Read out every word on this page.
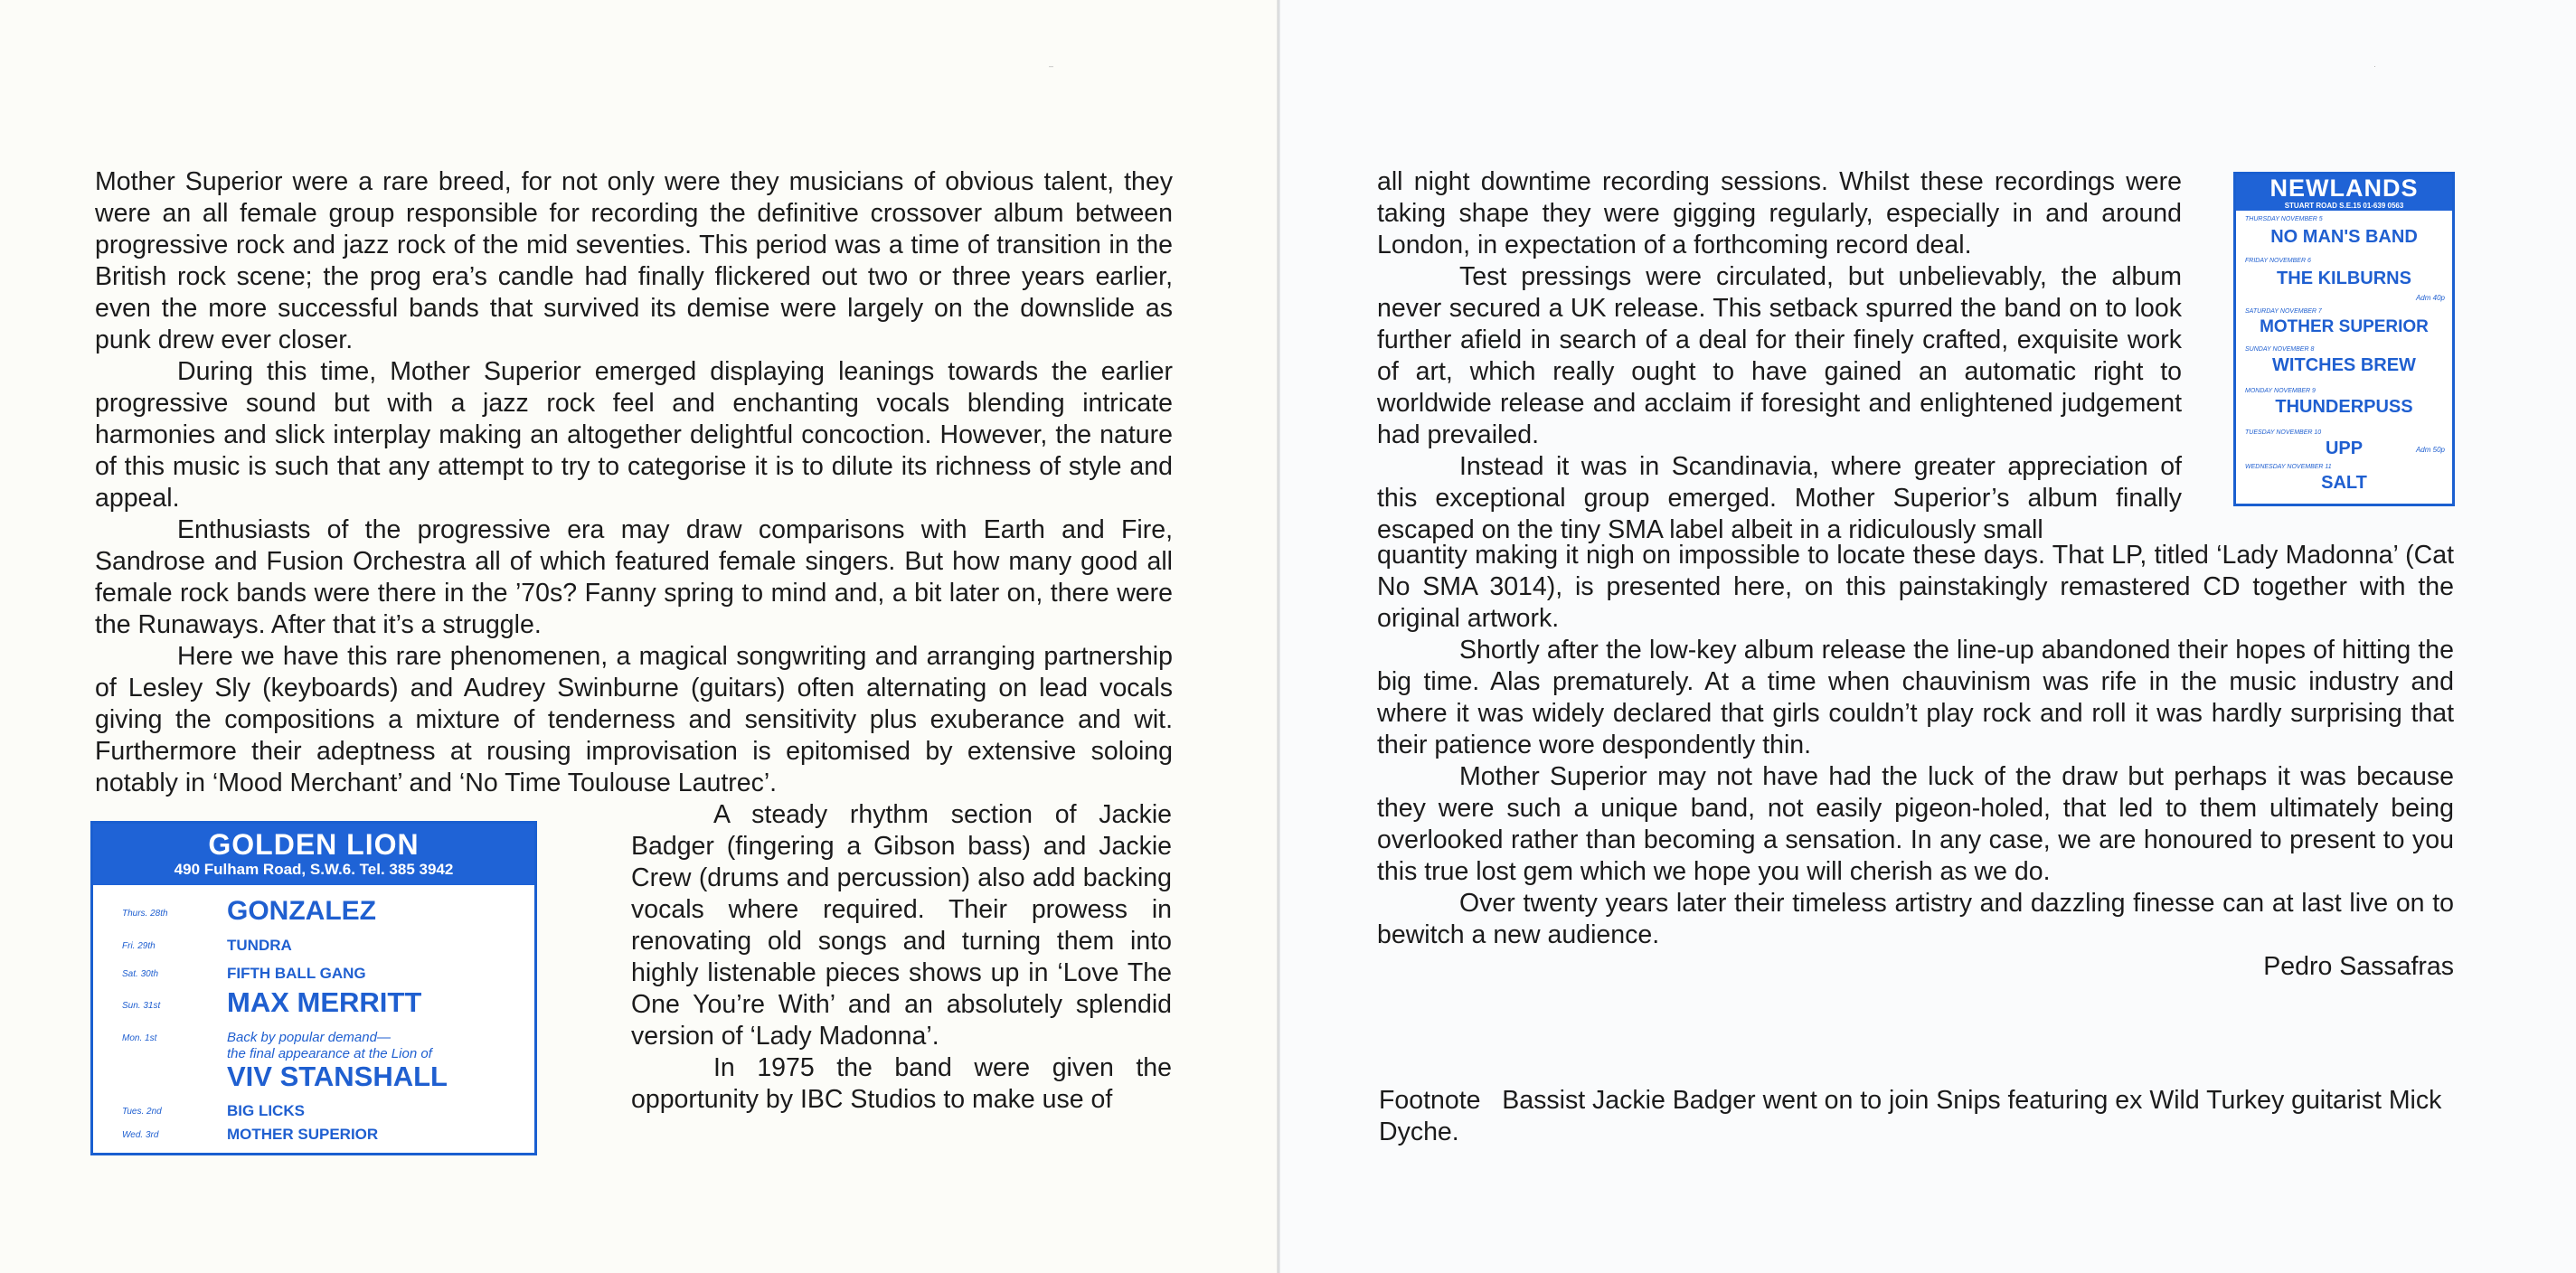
Mother Superior were a rare breed, for not only were they musicians of obvious talent, they were an all female group responsible for recording the definitive crossover album between progressive rock and jazz rock of the mid seventies. This period was a time of transition in the British rock scene; the prog era’s candle had finally flickered out two or three years earlier, even the more successful bands that survived its demise were largely on the downslide as punk drew ever closer.

During this time, Mother Superior emerged displaying leanings towards the earlier progressive sound but with a jazz rock feel and enchanting vocals blending intricate harmonies and slick interplay making an altogether delightful concoction. However, the nature of this music is such that any attempt to try to categorise it is to dilute its richness of style and appeal.

Enthusiasts of the progressive era may draw comparisons with Earth and Fire, Sandrose and Fusion Orchestra all of which featured female singers. But how many good all female rock bands were there in the ’70s? Fanny spring to mind and, a bit later on, there were the Runaways. After that it’s a struggle.

Here we have this rare phenomenen, a magical songwriting and arranging partnership of Lesley Sly (keyboards) and Audrey Swinburne (guitars) often alternating on lead vocals giving the compositions a mixture of tenderness and sensitivity plus exuberance and wit. Furthermore their adeptness at rousing improvisation is epitomised by extensive soloing notably in ‘Mood Merchant’ and ‘No Time Toulouse Lautrec’.

A steady rhythm section of Jackie Badger (fingering a Gibson bass) and Jackie Crew (drums and percussion) also add backing vocals where required. Their prowess in renovating old songs and turning them into highly listenable pieces shows up in ‘Love The One You’re With’ and an absolutely splendid version of ‘Lady Madonna’.

In 1975 the band were given the opportunity by IBC Studios to make use of

GOLDEN LION
490 Fulham Road, S.W.6. Tel. 385 3942
Thurs. 28th GONZALEZ
Fri. 29th	TUNDRA
Sat. 30th	FIFTH BALL GANG
Sun. 31st MAX MERRITT
Mon. 1st	Back by popular demand—
the final appearance at the Lion of
VIV STANSHALL
Tues. 2nd	BIG LICKS
Wed. 3rd	MOTHER SUPERIOR

all night downtime recording sessions. Whilst these recordings were taking shape they were gigging regularly, especially in and around London, in expectation of a forthcoming record deal.

Test pressings were circulated, but unbelievably, the album never secured a UK release. This setback spurred the band on to look further afield in search of a deal for their finely crafted, exquisite work of art, which really ought to have gained an automatic right to worldwide release and acclaim if foresight and enlightened judgement had prevailed.

Instead it was in Scandinavia, where greater appreciation of this exceptional group emerged. Mother Superior’s album finally escaped on the tiny SMA label albeit in a ridiculously small

quantity making it nigh on impossible to locate these days. That LP, titled ‘Lady Madonna’ (Cat No SMA 3014), is presented here, on this painstakingly remastered CD together with the original artwork.

Shortly after the low-key album release the line-up abandoned their hopes of hitting the big time. Alas prematurely. At a time when chauvinism was rife in the music industry and where it was widely declared that girls couldn’t play rock and roll it was hardly surprising that their patience wore despondently thin.

Mother Superior may not have had the luck of the draw but perhaps it was because they were such a unique band, not easily pigeon-holed, that led to them ultimately being overlooked rather than becoming a sensation. In any case, we are honoured to present to you this true lost gem which we hope you will cherish as we do.

Over twenty years later their timeless artistry and dazzling finesse can at last live on to bewitch a new audience.

Pedro Sassafras

Footnote Bassist Jackie Badger went on to join Snips featuring ex Wild Turkey guitarist Mick Dyche.
NEWLANDS
STUART ROAD S.E.15 01-639 0563
THURSDAY NOVEMBER 5
NO MAN'S BAND
FRIDAY NOVEMBER 6
THE KILBURNS
Adm 40p
SATURDAY NOVEMBER 7
MOTHER SUPERIOR
SUNDAY NOVEMBER 8
WITCHES BREW
MONDAY NOVEMBER 9
THUNDERPUSS
TUESDAY NOVEMBER 10
UPP	Adm 50p
WEDNESDAY NOVEMBER 11
SALT
–	·
